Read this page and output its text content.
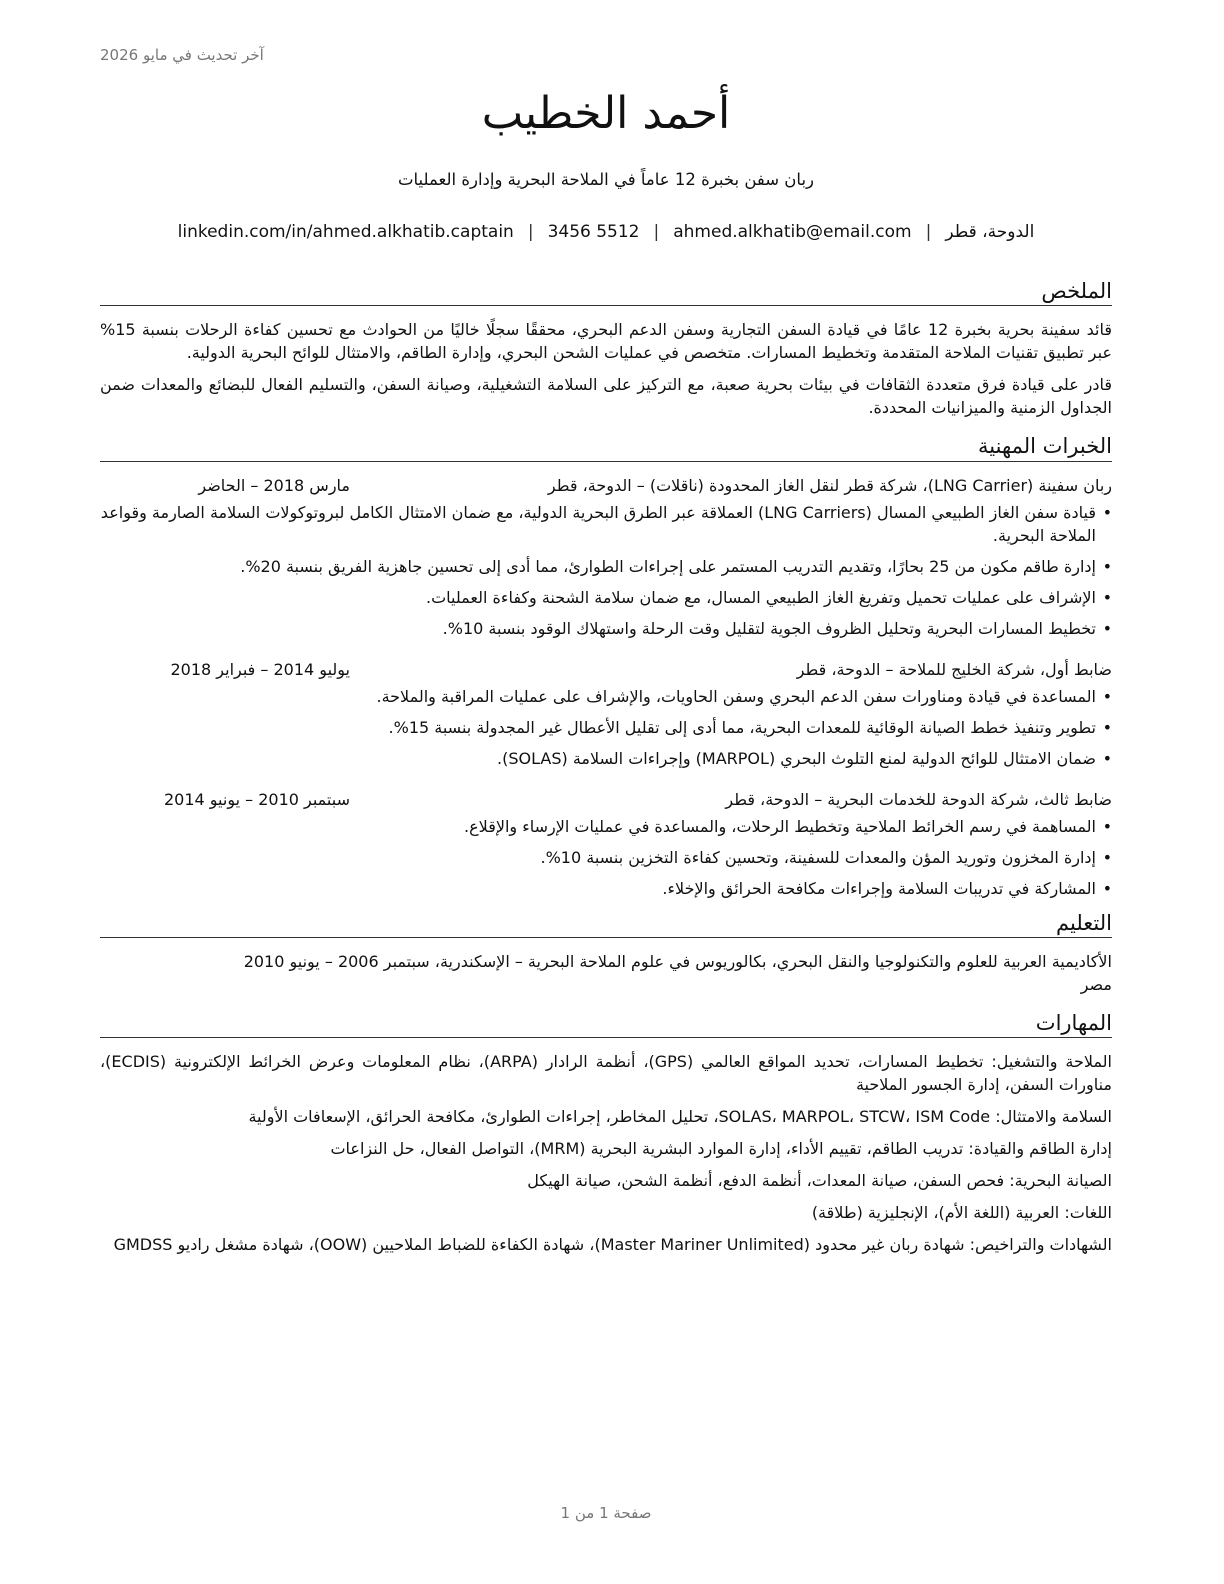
آخر تحديث في مايو 2026
أحمد الخطيب
ربان سفن بخبرة 12 عاماً في الملاحة البحرية وإدارة العمليات
الدوحة، قطر|ahmed.alkhatib@email.com|3456 5512|linkedin.com/in/ahmed.alkhatib.captain
الملخص

قائد سفينة بحرية بخبرة 12 عامًا في قيادة السفن التجارية وسفن الدعم البحري، محققًا سجلًا خاليًا من الحوادث مع تحسين كفاءة الرحلات بنسبة 15% عبر تطبيق تقنيات الملاحة المتقدمة وتخطيط المسارات. متخصص في عمليات الشحن البحري، وإدارة الطاقم، والامتثال للوائح البحرية الدولية.

قادر على قيادة فرق متعددة الثقافات في بيئات بحرية صعبة، مع التركيز على السلامة التشغيلية، وصيانة السفن، والتسليم الفعال للبضائع والمعدات ضمن الجداول الزمنية والميزانيات المحددة.

الخبرات المهنية
ربان سفينة (LNG Carrier)، شركة قطر لنقل الغاز المحدودة (ناقلات) – الدوحة، قطر
مارس 2018 – الحاضر
• قيادة سفن الغاز الطبيعي المسال (LNG Carriers) العملاقة عبر الطرق البحرية الدولية، مع ضمان الامتثال الكامل لبروتوكولات السلامة الصارمة وقواعد الملاحة البحرية.
• إدارة طاقم مكون من 25 بحارًا، وتقديم التدريب المستمر على إجراءات الطوارئ، مما أدى إلى تحسين جاهزية الفريق بنسبة 20%.
• الإشراف على عمليات تحميل وتفريغ الغاز الطبيعي المسال، مع ضمان سلامة الشحنة وكفاءة العمليات.
• تخطيط المسارات البحرية وتحليل الظروف الجوية لتقليل وقت الرحلة واستهلاك الوقود بنسبة 10%.
ضابط أول، شركة الخليج للملاحة – الدوحة، قطر
يوليو 2014 – فبراير 2018
• المساعدة في قيادة ومناورات سفن الدعم البحري وسفن الحاويات، والإشراف على عمليات المراقبة والملاحة.
• تطوير وتنفيذ خطط الصيانة الوقائية للمعدات البحرية، مما أدى إلى تقليل الأعطال غير المجدولة بنسبة 15%.
• ضمان الامتثال للوائح الدولية لمنع التلوث البحري (MARPOL) وإجراءات السلامة (SOLAS).
ضابط ثالث، شركة الدوحة للخدمات البحرية – الدوحة، قطر
سبتمبر 2010 – يونيو 2014
• المساهمة في رسم الخرائط الملاحية وتخطيط الرحلات، والمساعدة في عمليات الإرساء والإقلاع.
• إدارة المخزون وتوريد المؤن والمعدات للسفينة، وتحسين كفاءة التخزين بنسبة 10%.
• المشاركة في تدريبات السلامة وإجراءات مكافحة الحرائق والإخلاء.
التعليم
الأكاديمية العربية للعلوم والتكنولوجيا والنقل البحري، بكالوريوس في علوم الملاحة البحرية – الإسكندرية، سبتمبر 2006 – يونيو 2010
مصر
المهارات

الملاحة والتشغيل: تخطيط المسارات، تحديد المواقع العالمي (GPS)، أنظمة الرادار (ARPA)، نظام المعلومات وعرض الخرائط الإلكترونية (ECDIS)، مناورات السفن، إدارة الجسور الملاحية

السلامة والامتثال: SOLAS، MARPOL، STCW، ISM Code، تحليل المخاطر، إجراءات الطوارئ، مكافحة الحرائق، الإسعافات الأولية

إدارة الطاقم والقيادة: تدريب الطاقم، تقييم الأداء، إدارة الموارد البشرية البحرية (MRM)، التواصل الفعال، حل النزاعات

الصيانة البحرية: فحص السفن، صيانة المعدات، أنظمة الدفع، أنظمة الشحن، صيانة الهيكل

اللغات: العربية (اللغة الأم)، الإنجليزية (طلاقة)

الشهادات والتراخيص: شهادة ربان غير محدود (Master Mariner Unlimited)، شهادة الكفاءة للضباط الملاحيين (OOW)، شهادة مشغل راديو GMDSS

صفحة 1 من 1
